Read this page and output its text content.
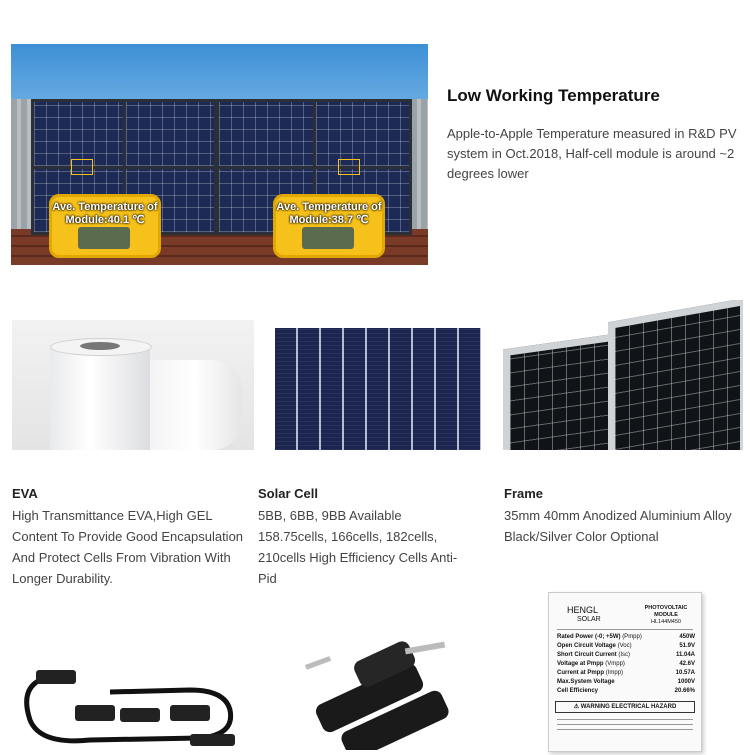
Ave. Temperature of
Module:40.1 ℃
Ave. Temperature of
Module:38.7 ℃
Low Working Temperature
Apple-to-Apple Temperature measured in R&D PV system in Oct.2018, Half-cell module is around ~2 degrees lower
EVA
High Transmittance EVA,High GEL Content To Provide Good Encapsulation And Protect Cells From Vibration With Longer Durability.
Solar Cell
5BB, 6BB, 9BB Available 158.75cells, 166cells, 182cells, 210cells High Efficiency Cells Anti-Pid
Frame
35mm 40mm Anodized Aluminium Alloy Black/Silver Color Optional
HENGL
SOLAR
PHOTOVOLTAIC MODULE
HL144M450
Rated Power (-0; +5W) (Pmpp)	450W
Open Circuit Voltage (Voc)	51.9V
Short Circuit Current (Isc)	11.04A
Voltage at Pmpp (Vmpp)	42.6V
Current at Pmpp (Impp)	10.57A
Max.System Voltage	1000V
Cell Efficiency	20.66%
⚠ WARNING ELECTRICAL HAZARD
